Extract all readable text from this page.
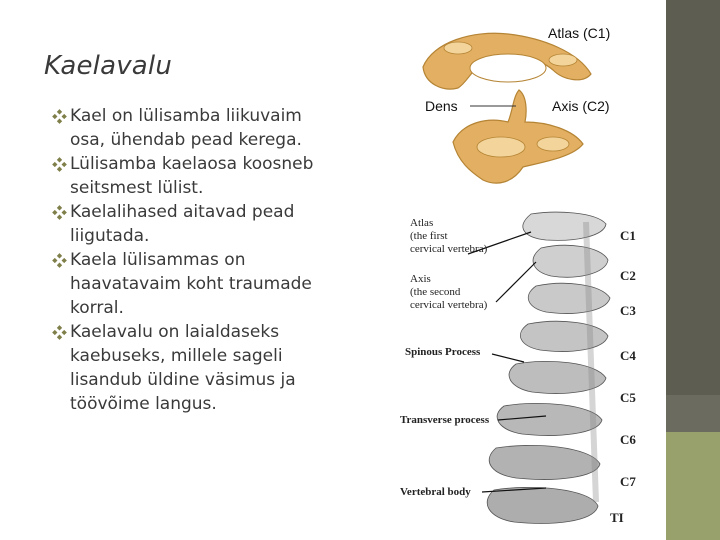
Kaelavalu
Kael on lülisamba liikuvaim osa, ühendab pead kerega.
Lülisamba kaelaosa koosneb seitsmest lülist.
Kaelalihased aitavad pead liigutada.
Kaela lülisammas on haavatavaim koht traumade korral.
Kaelavalu on laialdaseks kaebuseks, millele sageli lisandub üldine väsimus ja töövõime langus.
Atlas (C1)
Dens	Axis (C2)
Atlas
(the first
cervical vertebra)
Axis
(the second
cervical vertebra)
Spinous Process
Transverse process
Vertebral body
C1
C2
C3
C4
C5
C6
C7
TI
